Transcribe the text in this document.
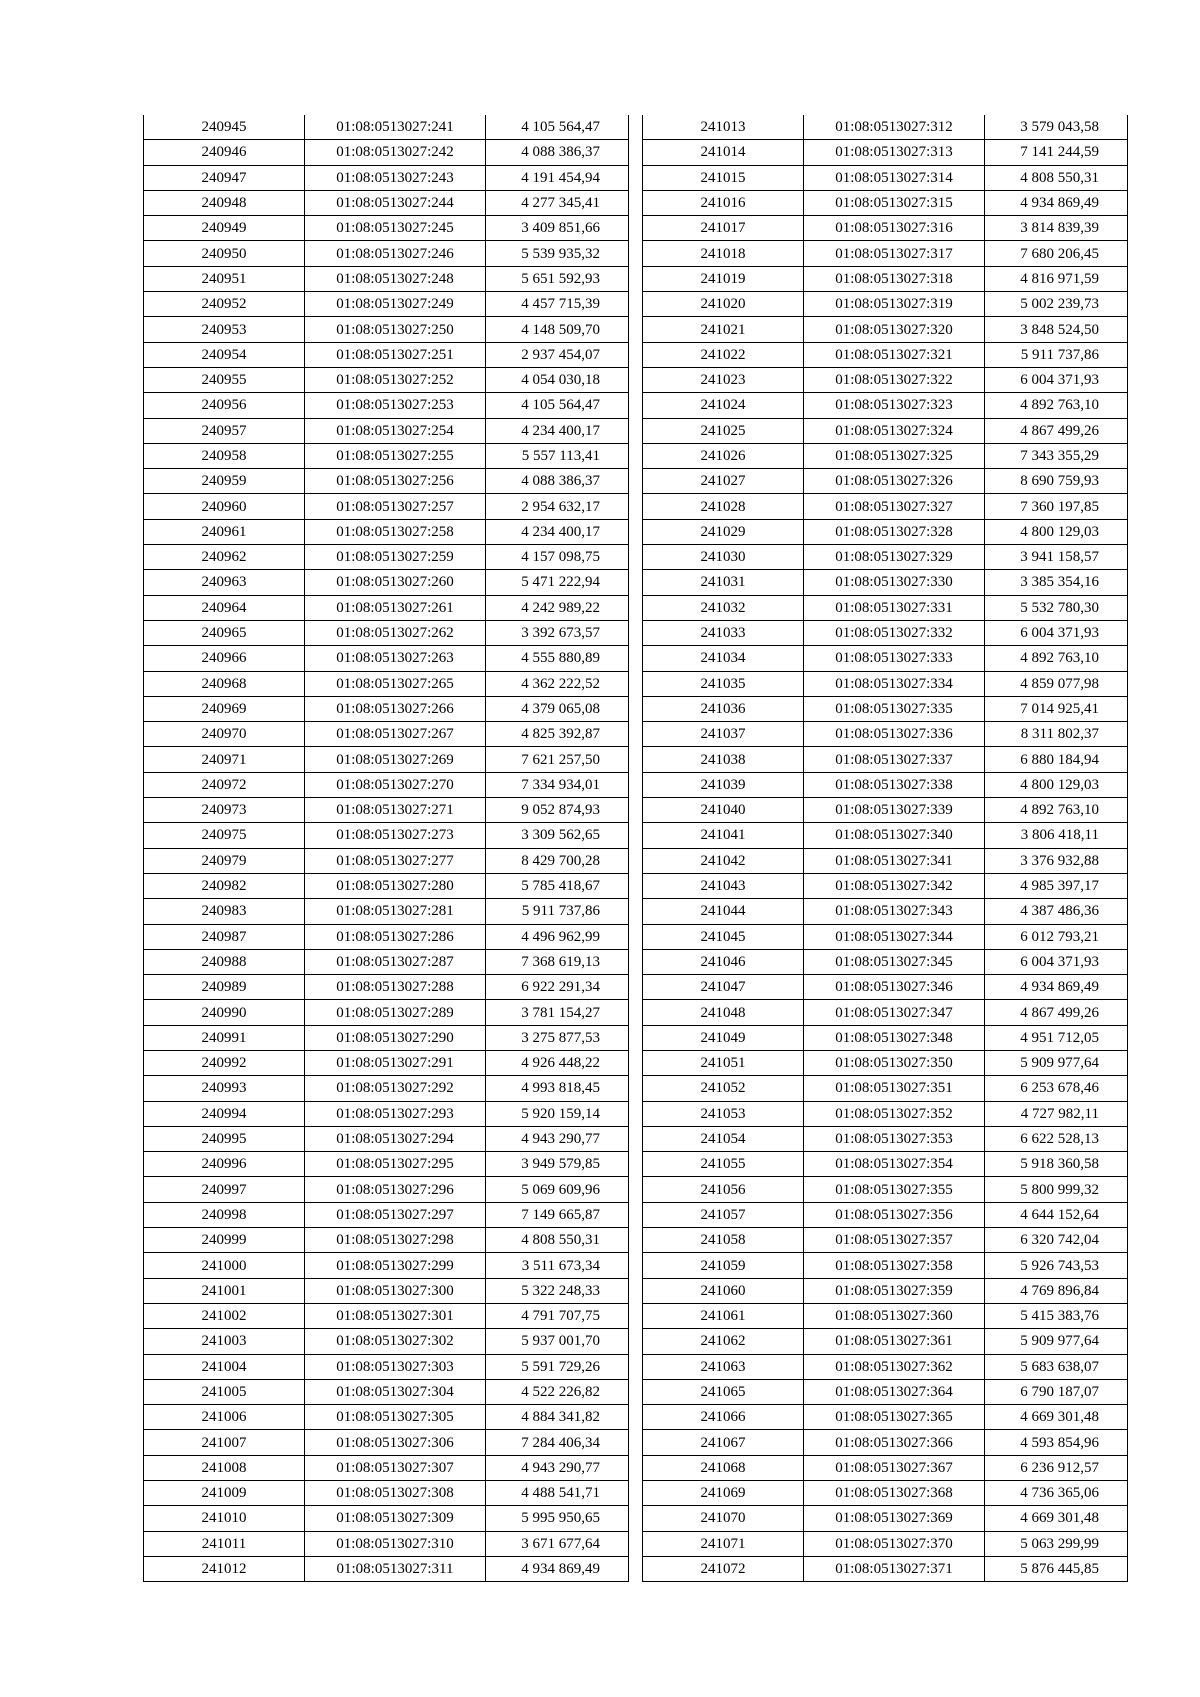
240945	01:08:0513027:241	4 105 564,47
240946	01:08:0513027:242	4 088 386,37
240947	01:08:0513027:243	4 191 454,94
240948	01:08:0513027:244	4 277 345,41
240949	01:08:0513027:245	3 409 851,66
240950	01:08:0513027:246	5 539 935,32
240951	01:08:0513027:248	5 651 592,93
240952	01:08:0513027:249	4 457 715,39
240953	01:08:0513027:250	4 148 509,70
240954	01:08:0513027:251	2 937 454,07
240955	01:08:0513027:252	4 054 030,18
240956	01:08:0513027:253	4 105 564,47
240957	01:08:0513027:254	4 234 400,17
240958	01:08:0513027:255	5 557 113,41
240959	01:08:0513027:256	4 088 386,37
240960	01:08:0513027:257	2 954 632,17
240961	01:08:0513027:258	4 234 400,17
240962	01:08:0513027:259	4 157 098,75
240963	01:08:0513027:260	5 471 222,94
240964	01:08:0513027:261	4 242 989,22
240965	01:08:0513027:262	3 392 673,57
240966	01:08:0513027:263	4 555 880,89
240968	01:08:0513027:265	4 362 222,52
240969	01:08:0513027:266	4 379 065,08
240970	01:08:0513027:267	4 825 392,87
240971	01:08:0513027:269	7 621 257,50
240972	01:08:0513027:270	7 334 934,01
240973	01:08:0513027:271	9 052 874,93
240975	01:08:0513027:273	3 309 562,65
240979	01:08:0513027:277	8 429 700,28
240982	01:08:0513027:280	5 785 418,67
240983	01:08:0513027:281	5 911 737,86
240987	01:08:0513027:286	4 496 962,99
240988	01:08:0513027:287	7 368 619,13
240989	01:08:0513027:288	6 922 291,34
240990	01:08:0513027:289	3 781 154,27
240991	01:08:0513027:290	3 275 877,53
240992	01:08:0513027:291	4 926 448,22
240993	01:08:0513027:292	4 993 818,45
240994	01:08:0513027:293	5 920 159,14
240995	01:08:0513027:294	4 943 290,77
240996	01:08:0513027:295	3 949 579,85
240997	01:08:0513027:296	5 069 609,96
240998	01:08:0513027:297	7 149 665,87
240999	01:08:0513027:298	4 808 550,31
241000	01:08:0513027:299	3 511 673,34
241001	01:08:0513027:300	5 322 248,33
241002	01:08:0513027:301	4 791 707,75
241003	01:08:0513027:302	5 937 001,70
241004	01:08:0513027:303	5 591 729,26
241005	01:08:0513027:304	4 522 226,82
241006	01:08:0513027:305	4 884 341,82
241007	01:08:0513027:306	7 284 406,34
241008	01:08:0513027:307	4 943 290,77
241009	01:08:0513027:308	4 488 541,71
241010	01:08:0513027:309	5 995 950,65
241011	01:08:0513027:310	3 671 677,64
241012	01:08:0513027:311	4 934 869,49
241013	01:08:0513027:312	3 579 043,58
241014	01:08:0513027:313	7 141 244,59
241015	01:08:0513027:314	4 808 550,31
241016	01:08:0513027:315	4 934 869,49
241017	01:08:0513027:316	3 814 839,39
241018	01:08:0513027:317	7 680 206,45
241019	01:08:0513027:318	4 816 971,59
241020	01:08:0513027:319	5 002 239,73
241021	01:08:0513027:320	3 848 524,50
241022	01:08:0513027:321	5 911 737,86
241023	01:08:0513027:322	6 004 371,93
241024	01:08:0513027:323	4 892 763,10
241025	01:08:0513027:324	4 867 499,26
241026	01:08:0513027:325	7 343 355,29
241027	01:08:0513027:326	8 690 759,93
241028	01:08:0513027:327	7 360 197,85
241029	01:08:0513027:328	4 800 129,03
241030	01:08:0513027:329	3 941 158,57
241031	01:08:0513027:330	3 385 354,16
241032	01:08:0513027:331	5 532 780,30
241033	01:08:0513027:332	6 004 371,93
241034	01:08:0513027:333	4 892 763,10
241035	01:08:0513027:334	4 859 077,98
241036	01:08:0513027:335	7 014 925,41
241037	01:08:0513027:336	8 311 802,37
241038	01:08:0513027:337	6 880 184,94
241039	01:08:0513027:338	4 800 129,03
241040	01:08:0513027:339	4 892 763,10
241041	01:08:0513027:340	3 806 418,11
241042	01:08:0513027:341	3 376 932,88
241043	01:08:0513027:342	4 985 397,17
241044	01:08:0513027:343	4 387 486,36
241045	01:08:0513027:344	6 012 793,21
241046	01:08:0513027:345	6 004 371,93
241047	01:08:0513027:346	4 934 869,49
241048	01:08:0513027:347	4 867 499,26
241049	01:08:0513027:348	4 951 712,05
241051	01:08:0513027:350	5 909 977,64
241052	01:08:0513027:351	6 253 678,46
241053	01:08:0513027:352	4 727 982,11
241054	01:08:0513027:353	6 622 528,13
241055	01:08:0513027:354	5 918 360,58
241056	01:08:0513027:355	5 800 999,32
241057	01:08:0513027:356	4 644 152,64
241058	01:08:0513027:357	6 320 742,04
241059	01:08:0513027:358	5 926 743,53
241060	01:08:0513027:359	4 769 896,84
241061	01:08:0513027:360	5 415 383,76
241062	01:08:0513027:361	5 909 977,64
241063	01:08:0513027:362	5 683 638,07
241065	01:08:0513027:364	6 790 187,07
241066	01:08:0513027:365	4 669 301,48
241067	01:08:0513027:366	4 593 854,96
241068	01:08:0513027:367	6 236 912,57
241069	01:08:0513027:368	4 736 365,06
241070	01:08:0513027:369	4 669 301,48
241071	01:08:0513027:370	5 063 299,99
241072	01:08:0513027:371	5 876 445,85
